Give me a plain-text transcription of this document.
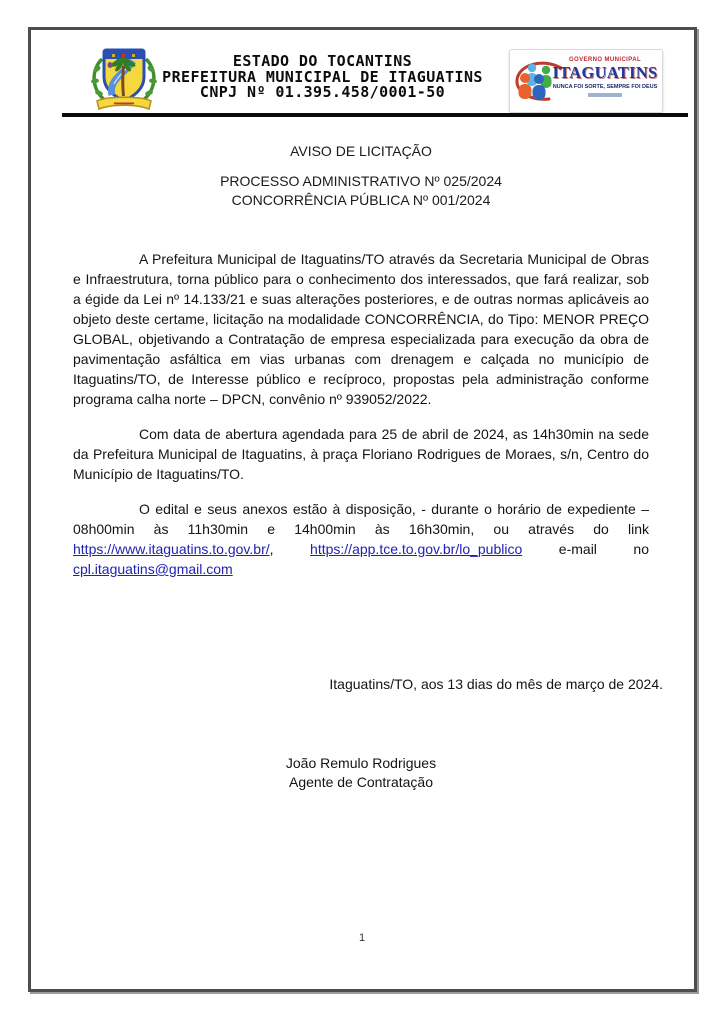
ESTADO DO TOCANTINS
PREFEITURA MUNICIPAL DE ITAGUATINS
CNPJ Nº 01.395.458/0001-50
GOVERNO MUNICIPAL
ITAGUATINS
NUNCA FOI SORTE, SEMPRE FOI DEUS

AVISO DE LICITAÇÃO

PROCESSO ADMINISTRATIVO Nº 025/2024

CONCORRÊNCIA PÚBLICA Nº 001/2024

A Prefeitura Municipal de Itaguatins/TO através da Secretaria Municipal de Obras e Infraestrutura, torna público para o conhecimento dos interessados, que fará realizar, sob a égide da Lei nº 14.133/21 e suas alterações posteriores, e de outras normas aplicáveis ao objeto deste certame, licitação na modalidade CONCORRÊNCIA, do Tipo: MENOR PREÇO GLOBAL, objetivando a Contratação de empresa especializada para execução da obra de pavimentação asfáltica em vias urbanas com drenagem e calçada no município de Itaguatins/TO, de Interesse público e recíproco, propostas pela administração conforme programa calha norte – DPCN, convênio nº 939052/2022.

Com data de abertura agendada para 25 de abril de 2024, as 14h30min na sede da Prefeitura Municipal de Itaguatins, à praça Floriano Rodrigues de Moraes, s/n, Centro do Município de Itaguatins/TO.

O edital e seus anexos estão à disposição, - durante o horário de expediente – 08h00min às 11h30min e 14h00min às 16h30min, ou através do link https://www.itaguatins.to.gov.br/,	https://app.tce.to.gov.br/lo_publico	e-mail no cpl.itaguatins@gmail.com

Itaguatins/TO, aos 13 dias do mês de março de 2024.
João Remulo Rodrigues
Agente de Contratação
1
